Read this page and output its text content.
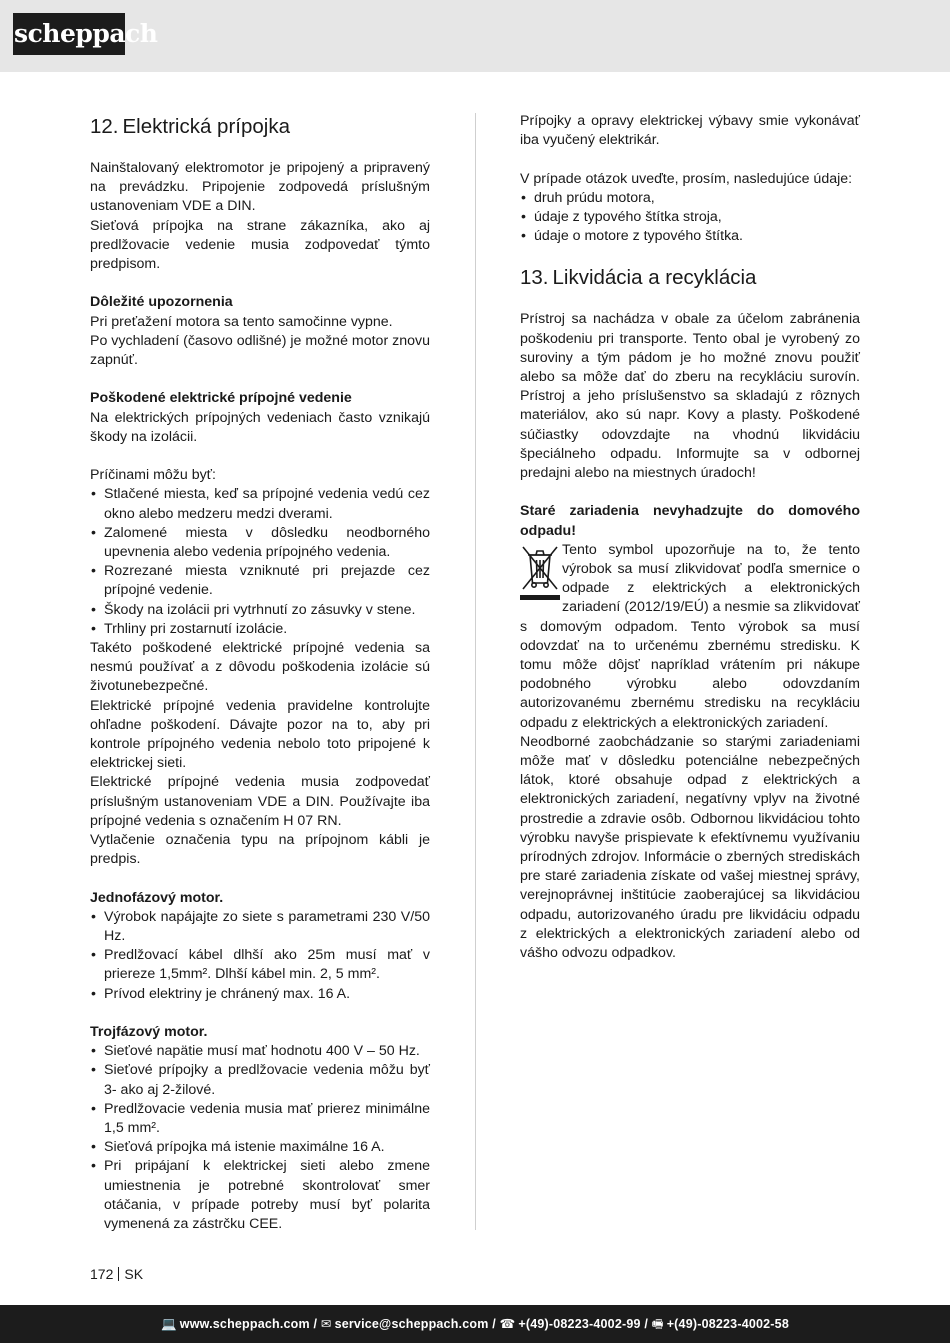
scheppach
12. Elektrická prípojka

Nainštalovaný elektromotor je pripojený a pripravený na prevádzku. Pripojenie zodpovedá príslušným ustanoveniam VDE a DIN.

Sieťová prípojka na strane zákazníka, ako aj predlžovacie vedenie musia zodpovedať týmto predpisom.

Dôležité upozornenia

Pri preťažení motora sa tento samočinne vypne.

Po vychladení (časovo odlišné) je možné motor znovu zapnúť.

Poškodené elektrické prípojné vedenie

Na elektrických prípojných vedeniach často vznikajú škody na izolácii.

Príčinami môžu byť:

• Stlačené miesta, keď sa prípojné vedenia vedú cez okno alebo medzeru medzi dverami.
• Zalomené miesta v dôsledku neodborného upevnenia alebo vedenia prípojného vedenia.
• Rozrezané miesta vzniknuté pri prejazde cez prípojné vedenie.
• Škody na izolácii pri vytrhnutí zo zásuvky v stene.
• Trhliny pri zostarnutí izolácie.

Takéto poškodené elektrické prípojné vedenia sa nesmú používať a z dôvodu poškodenia izolácie sú životunebezpečné.

Elektrické prípojné vedenia pravidelne kontrolujte ohľadne poškodení. Dávajte pozor na to, aby pri kontrole prípojného vedenia nebolo toto pripojené k elektrickej sieti.

Elektrické prípojné vedenia musia zodpovedať príslušným ustanoveniam VDE a DIN. Používajte iba prípojné vedenia s označením H 07 RN.

Vytlačenie označenia typu na prípojnom kábli je predpis.

Jednofázový motor.

• Výrobok napájajte zo siete s parametrami 230 V/50 Hz.
• Predlžovací kábel dlhší ako 25m musí mať v priereze 1,5mm². Dlhší kábel min. 2, 5 mm².
• Prívod elektriny je chránený max. 16 A.

Trojfázový motor.

• Sieťové napätie musí mať hodnotu 400 V – 50 Hz.
• Sieťové prípojky a predlžovacie vedenia môžu byť 3- ako aj 2-žilové.
• Predlžovacie vedenia musia mať prierez minimálne 1,5 mm².
• Sieťová prípojka má istenie maximálne 16 A.
• Pri pripájaní k elektrickej sieti alebo zmene umiestnenia je potrebné skontrolovať smer otáčania, v prípade potreby musí byť polarita vymenená za zástrčku CEE.

Prípojky a opravy elektrickej výbavy smie vykonávať iba vyučený elektrikár.

V prípade otázok uveďte, prosím, nasledujúce údaje:

• druh prúdu motora,
• údaje z typového štítka stroja,
• údaje o motore z typového štítka.
13. Likvidácia a recyklácia

Prístroj sa nachádza v obale za účelom zabránenia poškodeniu pri transporte. Tento obal je vyrobený zo suroviny a tým pádom je ho možné znovu použiť alebo sa môže dať do zberu na recykláciu surovín. Prístroj a jeho príslušenstvo sa skladajú z rôznych materiálov, ako sú napr. Kovy a plasty. Poškodené súčiastky odovzdajte na vhodnú likvidáciu špeciálneho odpadu. Informujte sa v odbornej predajni alebo na miestnych úradoch!

Staré zariadenia nevyhadzujte do domového odpadu!

Tento symbol upozorňuje na to, že tento výrobok sa musí zlikvidovať podľa smernice o odpade z elektrických a elektronických zariadení (2012/19/EÚ) a nesmie sa zlikvidovať s domovým odpadom. Tento výrobok sa musí odovzdať na to určenému zbernému stredisku. K tomu môže dôjsť napríklad vrátením pri nákupe podobného výrobku alebo odovzdaním autorizovanému zbernému stredisku na recykláciu odpadu z elektrických a elektronických zariadení.

Neodborné zaobchádzanie so starými zariadeniami môže mať v dôsledku potenciálne nebezpečných látok, ktoré obsahuje odpad z elektrických a elektronických zariadení, negatívny vplyv na životné prostredie a zdravie osôb. Odbornou likvidáciou tohto výrobku navyše prispievate k efektívnemu využívaniu prírodných zdrojov. Informácie o zberných strediskách pre staré zariadenia získate od vašej miestnej správy, verejnoprávnej inštitúcie zaoberajúcej sa likvidáciou odpadu, autorizovaného úradu pre likvidáciu odpadu z elektrických a elektronických zariadení alebo od vášho odvozu odpadkov.

172 SK
💻 www.scheppach.com / ✉ service@scheppach.com / ☎ +(49)-08223-4002-99 / 🖷 +(49)-08223-4002-58
